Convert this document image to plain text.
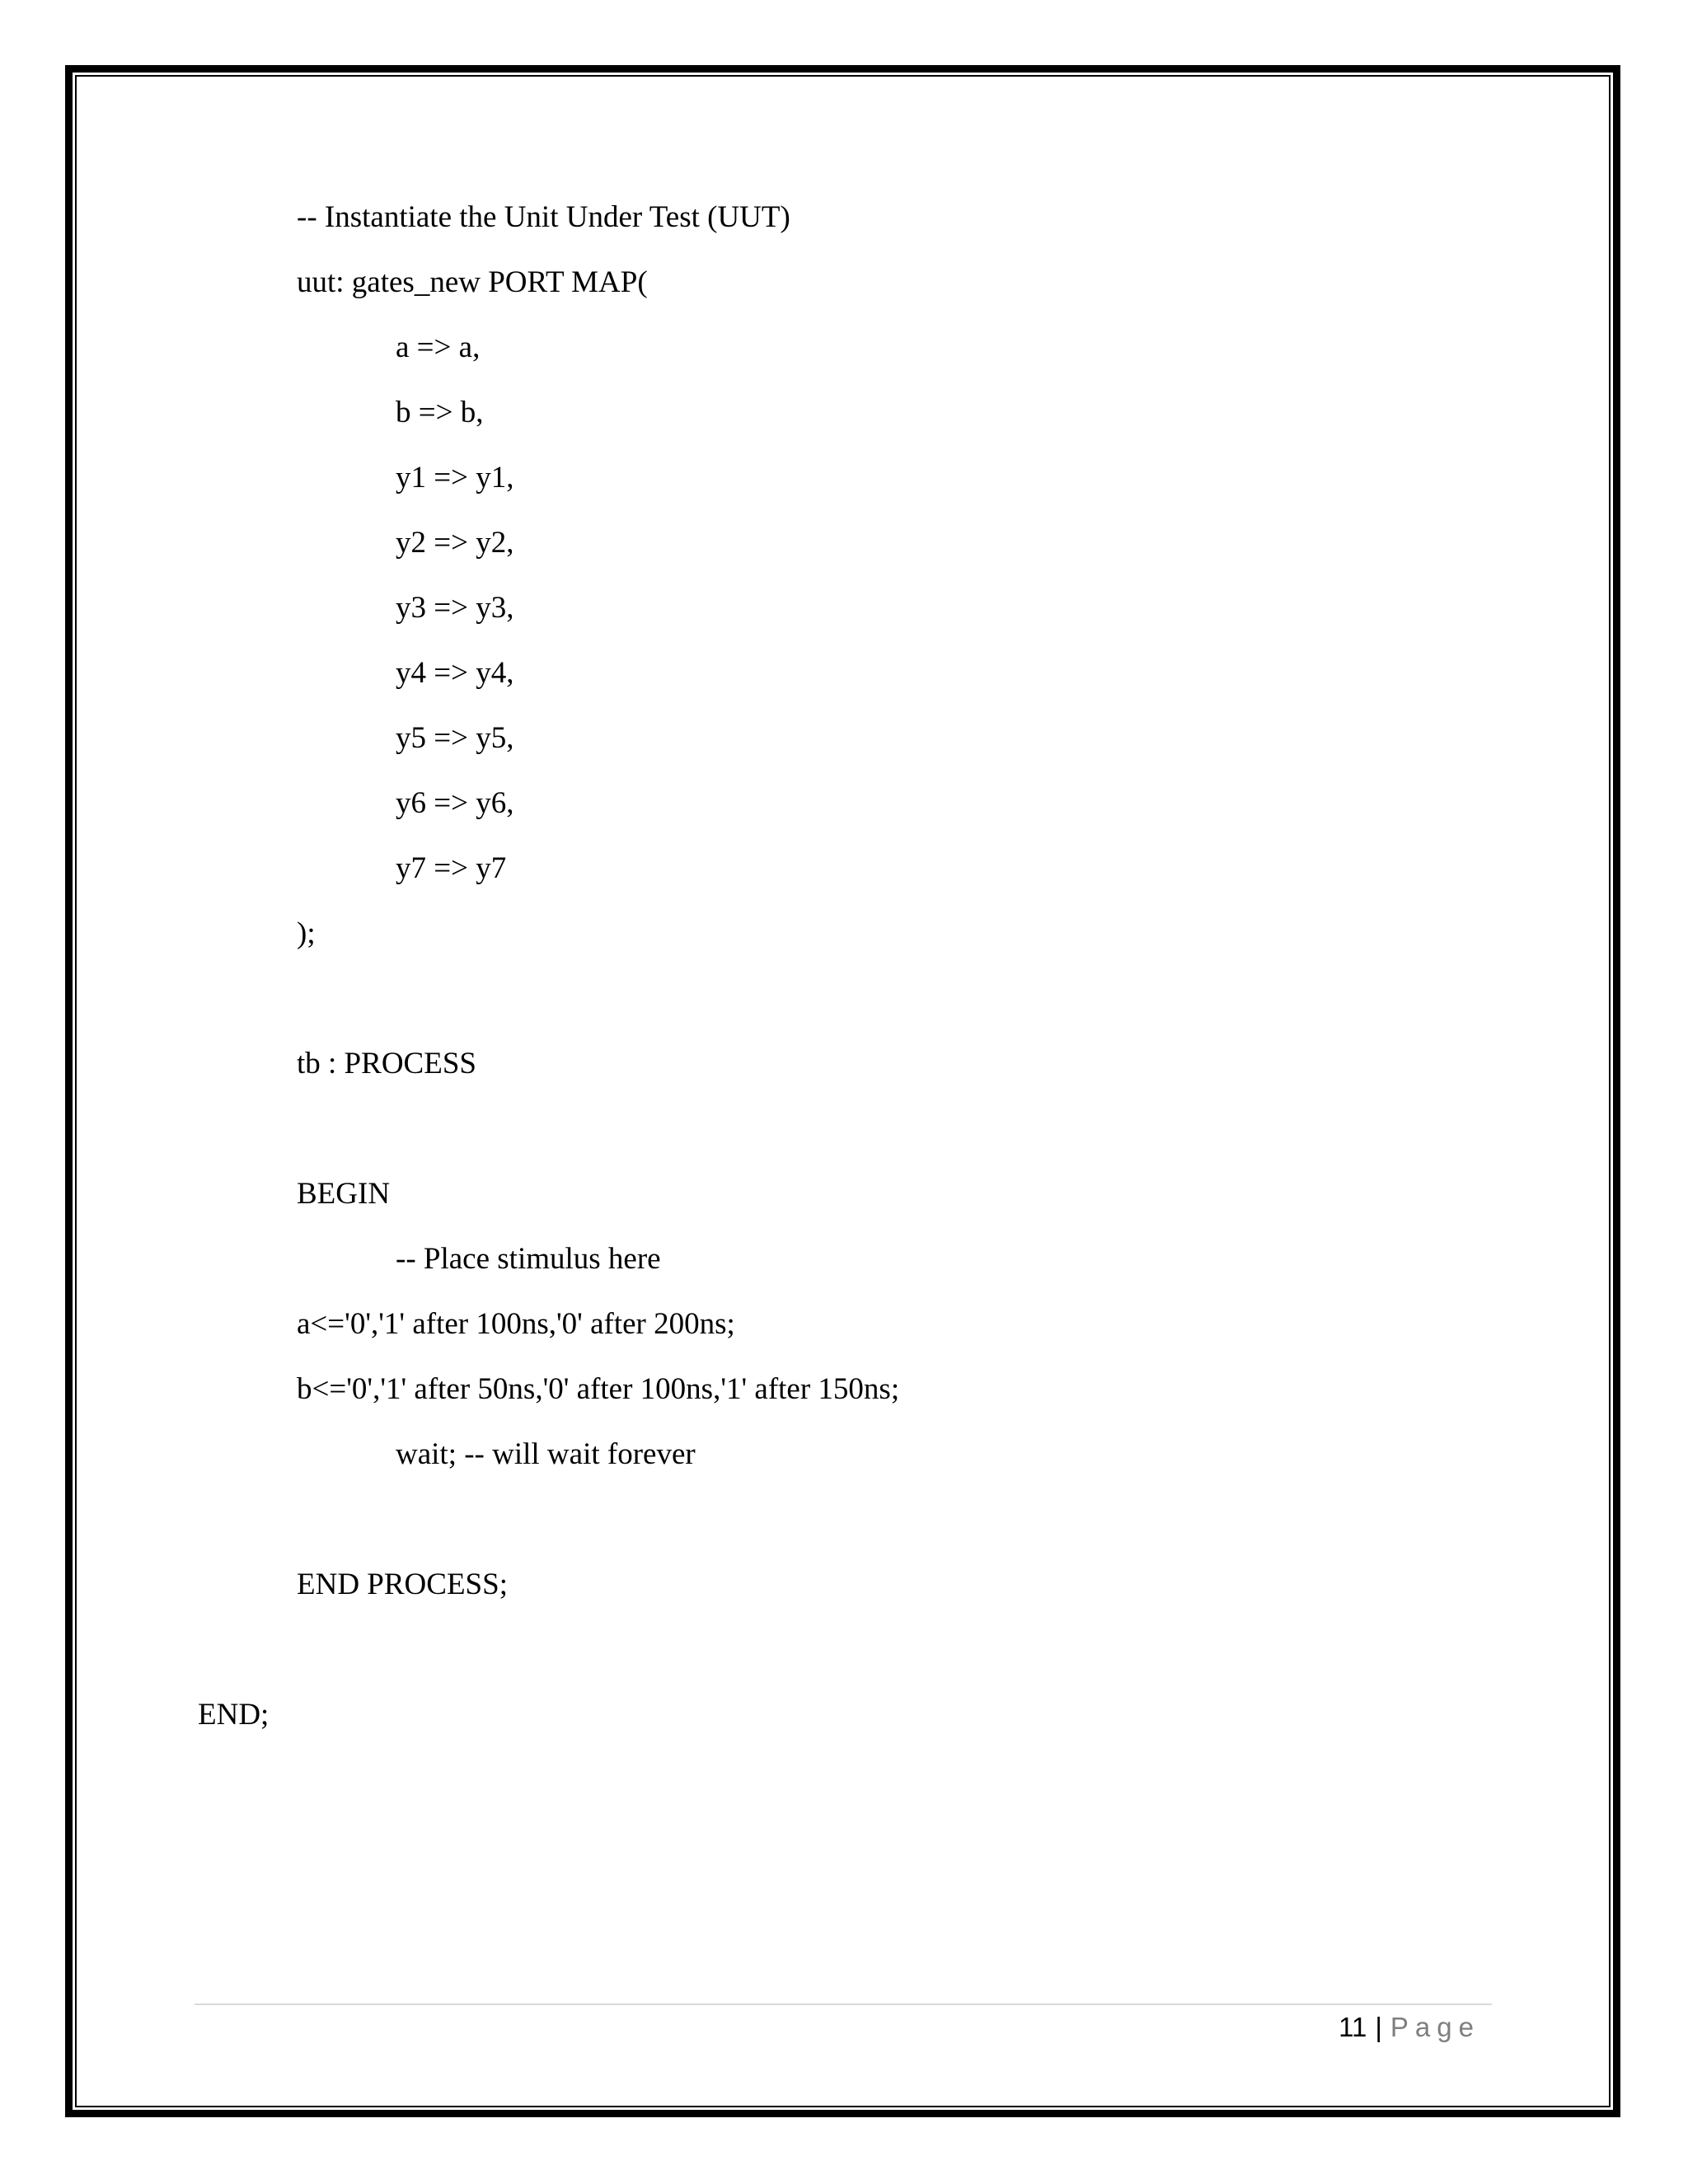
-- Instantiate the Unit Under Test (UUT)
uut: gates_new PORT MAP(
a => a,
b => b,
y1 => y1,
y2 => y2,
y3 => y3,
y4 => y4,
y5 => y5,
y6 => y6,
y7 => y7
);
tb : PROCESS
BEGIN
-- Place stimulus here
a<='0','1' after 100ns,'0' after 200ns;
b<='0','1' after 50ns,'0' after 100ns,'1' after 150ns;
wait; -- will wait forever
END PROCESS;
END;
11 | Page
